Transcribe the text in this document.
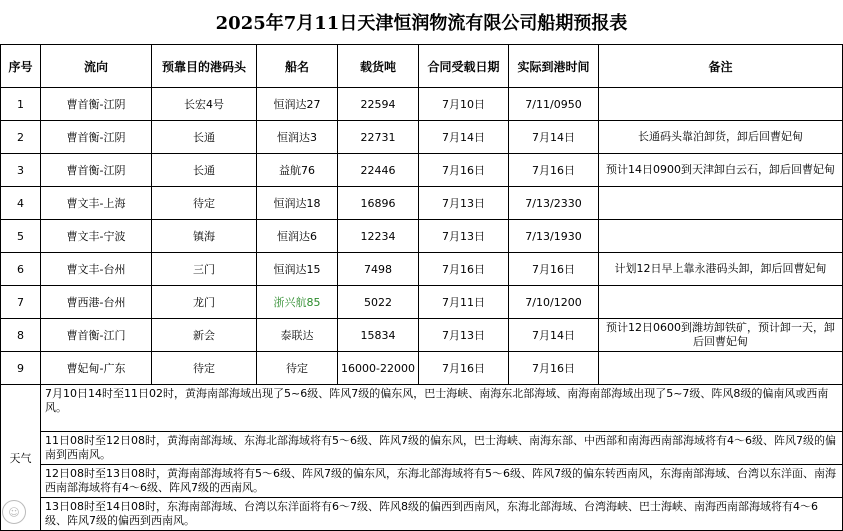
2025年7月11日天津恒润物流有限公司船期预报表
序号	流向	预靠目的港码头	船名	载货吨	合同受载日期	实际到港时间	备注
1	曹首衡-江阴	长宏4号	恒润达27	22594	7月10日	7/11/0950	
2	曹首衡-江阴	长通	恒润达3	22731	7月14日	7月14日	长通码头靠泊卸货，卸后回曹妃甸
3	曹首衡-江阴	长通	益航76	22446	7月16日	7月16日	预计14日0900到天津卸白云石，卸后回曹妃甸
4	曹文丰-上海	待定	恒润达18	16896	7月13日	7/13/2330	
5	曹文丰-宁波	镇海	恒润达6	12234	7月13日	7/13/1930	
6	曹文丰-台州	三门	恒润达15	7498	7月16日	7月16日	计划12日早上靠永港码头卸，卸后回曹妃甸
7	曹西港-台州	龙门	浙兴航85	5022	7月11日	7/10/1200	
8	曹首衡-江门	新会	泰联达	15834	7月13日	7月14日	预计12日0600到潍坊卸铁矿，预计卸一天，卸后回曹妃甸
9	曹妃甸-广东	待定	待定	16000-22000	7月16日	7月16日	
天气	7月10日14时至11日02时，黄海南部海域出现了5~6级、阵风7级的偏东风，巴士海峡、南海东北部海域、南海南部海域出现了5~7级、阵风8级的偏南风或西南风。
11日08时至12日08时，黄海南部海域、东海北部海域将有5～6级、阵风7级的偏东风，巴士海峡、南海东部、中西部和南海西南部海域将有4～6级、阵风7级的偏南到西南风。
12日08时至13日08时，黄海南部海域将有5～6级、阵风7级的偏东风，东海北部海域将有5～6级、阵风7级的偏东转西南风，东海南部海域、台湾以东洋面、南海西南部海域将有4～6级、阵风7级的西南风。
13日08时至14日08时，东海南部海域、台湾以东洋面将有6～7级、阵风8级的偏西到西南风，东海北部海域、台湾海峡、巴士海峡、南海西南部海域将有4～6级、阵风7级的偏西到西南风。						
☺
